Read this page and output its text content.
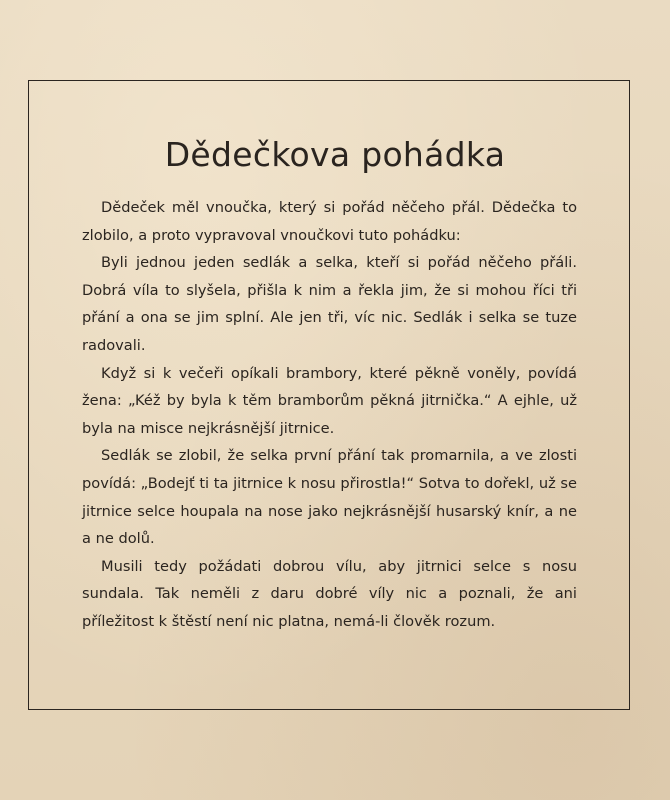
Dědečkova pohádka

Dědeček měl vnoučka, který si pořád něčeho přál. Dědečka to zlobilo, a proto vypravoval vnoučkovi tuto pohádku:

Byli jednou jeden sedlák a selka, kteří si pořád něčeho přáli. Dobrá víla to slyšela, přišla k nim a řekla jim, že si mohou říci tři přání a ona se jim splní. Ale jen tři, víc nic. Sedlák i selka se tuze radovali.

Když si k večeři opíkali brambory, které pěkně voněly, povídá žena: „Kéž by byla k těm bramborům pěkná jitrnička.“ A ejhle, už byla na misce nejkrásnější jitrnice.

Sedlák se zlobil, že selka první přání tak promarnila, a ve zlosti povídá: „Bodejť ti ta jitrnice k nosu přirostla!“ Sotva to dořekl, už se jitrnice selce houpala na nose jako nejkrásnější husarský knír, a ne a ne dolů.

Musili tedy požádati dobrou vílu, aby jitrnici selce s nosu sundala. Tak neměli z daru dobré víly nic a poznali, že ani příležitost k štěstí není nic platna, nemá-li člověk rozum.
